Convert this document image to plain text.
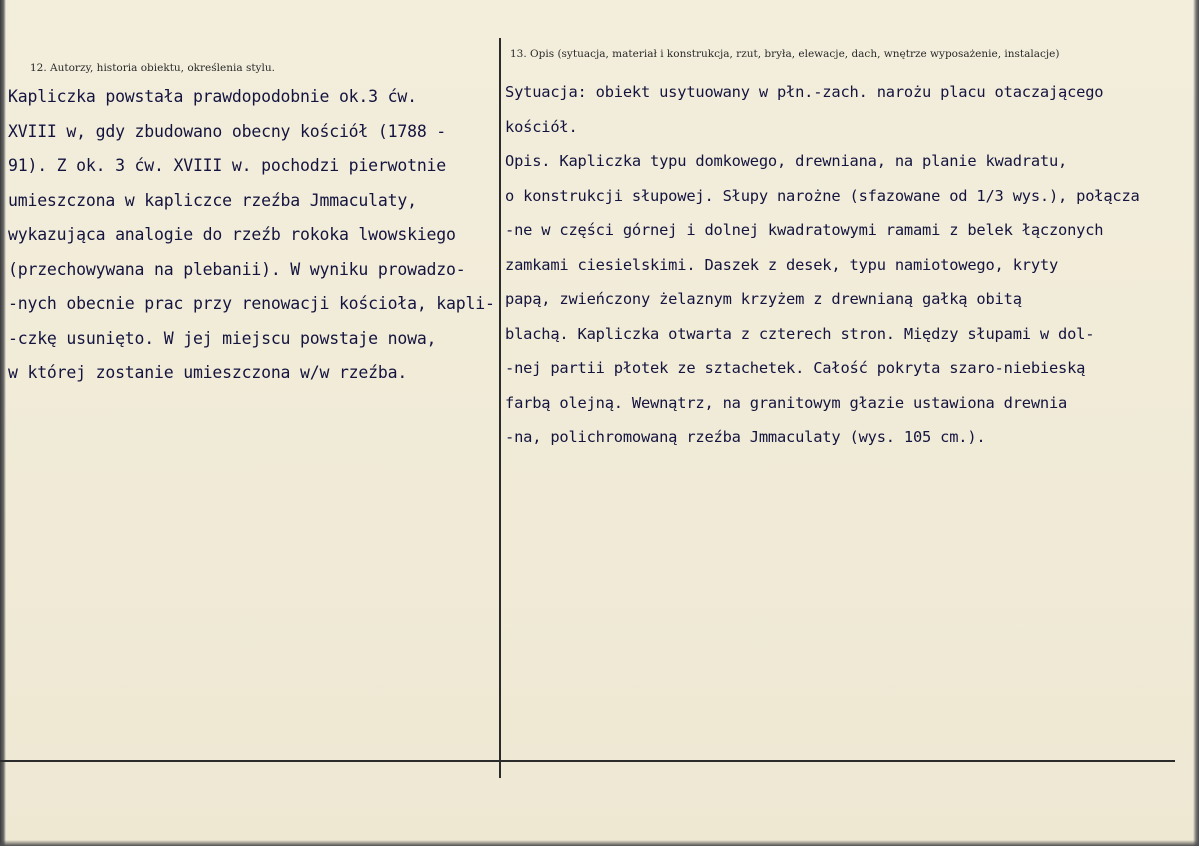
12. Autorzy, historia obiektu, określenia stylu.
13. Opis (sytuacja, materiał i konstrukcja, rzut, bryła, elewacje, dach, wnętrze wyposażenie, instalacje)
Kapliczka powstała prawdopodobnie ok.3 ćw.
XVIII w, gdy zbudowano obecny kościół (1788 -
91). Z ok. 3 ćw. XVIII w. pochodzi pierwotnie
umieszczona w kapliczce rzeźba Jmmaculaty,
wykazująca analogie do rzeźb rokoka lwowskiego
(przechowywana na plebanii). W wyniku prowadzo-
-nych obecnie prac przy renowacji kościoła, kapli-
-czkę usunięto. W jej miejscu powstaje nowa,
w której zostanie umieszczona w/w rzeźba.
Sytuacja: obiekt usytuowany w płn.-zach. narożu placu otaczającego
kościół.
Opis. Kapliczka typu domkowego, drewniana, na planie kwadratu,
o konstrukcji słupowej. Słupy narożne (sfazowane od 1/3 wys.), połącza
-ne w części górnej i dolnej kwadratowymi ramami z belek łączonych
zamkami ciesielskimi. Daszek z desek, typu namiotowego, kryty
papą, zwieńczony żelaznym krzyżem z drewnianą gałką obitą
blachą. Kapliczka otwarta z czterech stron. Między słupami w dol-
-nej partii płotek ze sztachetek. Całość pokryta szaro-niebieską
farbą olejną. Wewnątrz, na granitowym głazie ustawiona drewnia
-na, polichromowaną rzeźba Jmmaculaty (wys. 105 cm.).
